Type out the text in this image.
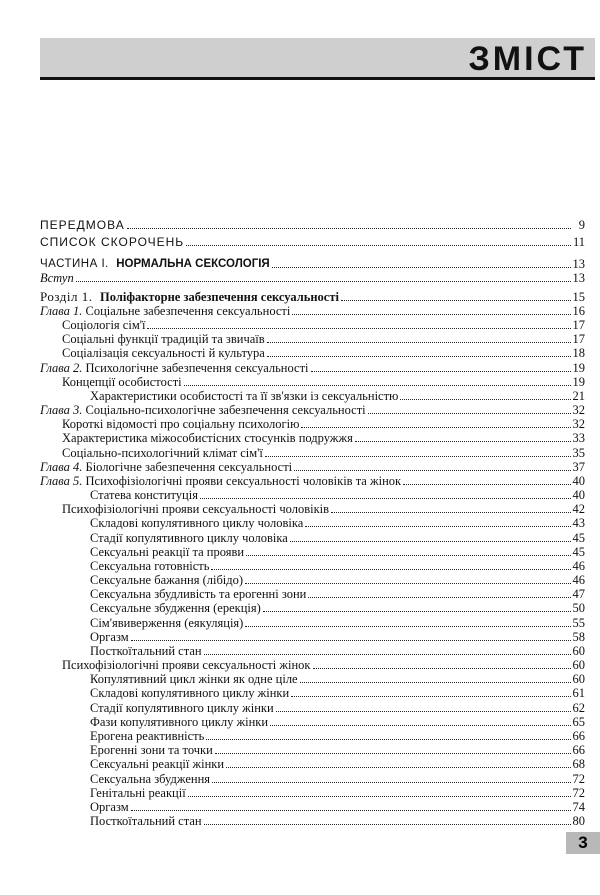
ЗМІСТ
ПЕРЕДМОВА	9
СПИСОК СКОРОЧЕНЬ	11
ЧАСТИНА I. НОРМАЛЬНА СЕКСОЛОГІЯ	13
Вступ	13
Розділ 1. Поліфакторне забезпечення сексуальності	15
Глава 1. Соціальне забезпечення сексуальності	16
Соціологія сім'ї	17
Соціальні функції традицій та звичаїв	17
Соціалізація сексуальності й культура	18
Глава 2. Психологічне забезпечення сексуальності	19
Концепції особистості	19
Характеристики особистості та її зв'язки із сексуальністю	21
Глава 3. Соціально-психологічне забезпечення сексуальності	32
Короткі відомості про соціальну психологію	32
Характеристика міжособистісних стосунків подружжя	33
Соціально-психологічний клімат сім'ї	35
Глава 4. Біологічне забезпечення сексуальності	37
Глава 5. Психофізіологічні прояви сексуальності чоловіків та жінок	40
Статева конституція	40
Психофізіологічні прояви сексуальності чоловіків	42
Складові копулятивного циклу чоловіка	43
Стадії копулятивного циклу чоловіка	45
Сексуальні реакції та прояви	45
Сексуальна готовність	46
Сексуальне бажання (лібідо)	46
Сексуальна збудливість та ерогенні зони	47
Сексуальне збудження (ерекція)	50
Сім'явиверження (еякуляція)	55
Оргазм	58
Посткоїтальний стан	60
Психофізіологічні прояви сексуальності жінок	60
Копулятивний цикл жінки як одне ціле	60
Складові копулятивного циклу жінки	61
Стадії копулятивного циклу жінки	62
Фази копулятивного циклу жінки	65
Ерогена реактивність	66
Ерогенні зони та точки	66
Сексуальні реакції жінки	68
Сексуальна збудження	72
Генітальні реакції	72
Оргазм	74
Посткоїтальний стан	80
3
